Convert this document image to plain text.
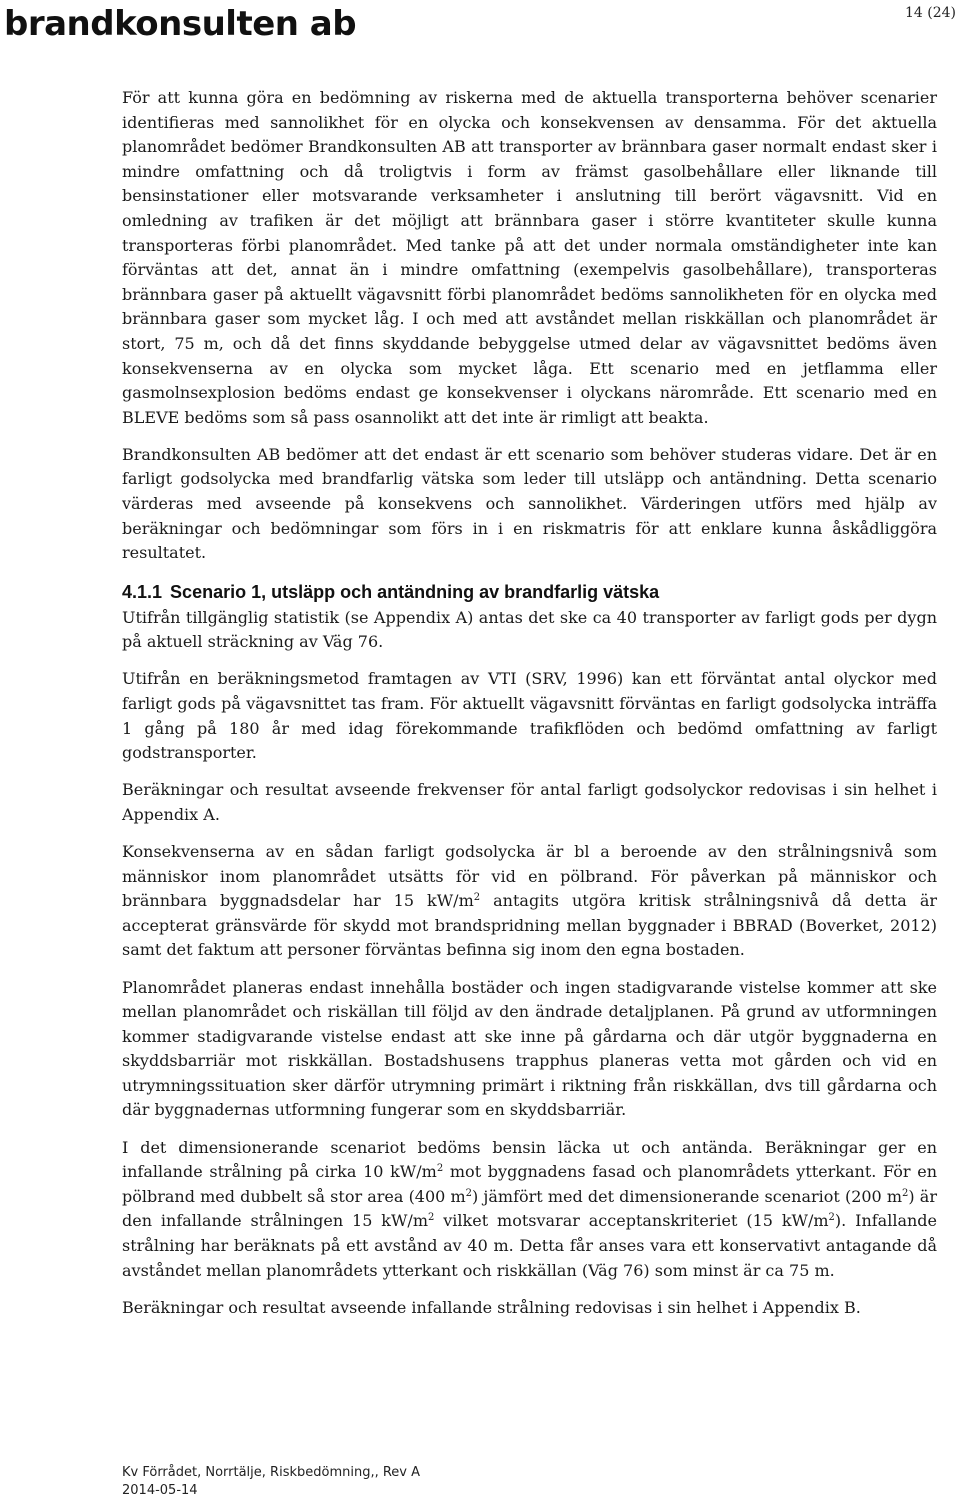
brandkonsulten ab	14 (24)

För att kunna göra en bedömning av riskerna med de aktuella transporterna behöver scenarier identifieras med sannolikhet för en olycka och konsekvensen av densamma. För det aktuella planområdet bedömer Brandkonsulten AB att transporter av brännbara gaser normalt endast sker i mindre omfattning och då troligtvis i form av främst gasolbehållare eller liknande till bensinstationer eller motsvarande verksamheter i anslutning till berört vägavsnitt. Vid en omledning av trafiken är det möjligt att brännbara gaser i större kvantiteter skulle kunna transporteras förbi planområdet. Med tanke på att det under normala omständigheter inte kan förväntas att det, annat än i mindre omfattning (exempelvis gasolbehållare), transporteras brännbara gaser på aktuellt vägavsnitt förbi planområdet bedöms sannolikheten för en olycka med brännbara gaser som mycket låg. I och med att avståndet mellan riskkällan och planområdet är stort, 75 m, och då det finns skyddande bebyggelse utmed delar av vägavsnittet bedöms även konsekvenserna av en olycka som mycket låga. Ett scenario med en jetflamma eller gasmolnsexplosion bedöms endast ge konsekvenser i olyckans närområde. Ett scenario med en BLEVE bedöms som så pass osannolikt att det inte är rimligt att beakta.

Brandkonsulten AB bedömer att det endast är ett scenario som behöver studeras vidare. Det är en farligt godsolycka med brandfarlig vätska som leder till utsläpp och antändning. Detta scenario värderas med avseende på konsekvens och sannolikhet. Värderingen utförs med hjälp av beräkningar och bedömningar som förs in i en riskmatris för att enklare kunna åskådliggöra resultatet.

4.1.1 Scenario 1, utsläpp och antändning av brandfarlig vätska

Utifrån tillgänglig statistik (se Appendix A) antas det ske ca 40 transporter av farligt gods per dygn på aktuell sträckning av Väg 76.

Utifrån en beräkningsmetod framtagen av VTI (SRV, 1996) kan ett förväntat antal olyckor med farligt gods på vägavsnittet tas fram. För aktuellt vägavsnitt förväntas en farligt godsolycka inträffa 1 gång på 180 år med idag förekommande trafikflöden och bedömd omfattning av farligt godstransporter.

Beräkningar och resultat avseende frekvenser för antal farligt godsolyckor redovisas i sin helhet i Appendix A.

Konsekvenserna av en sådan farligt godsolycka är bl a beroende av den strålningsnivå som människor inom planområdet utsätts för vid en pölbrand. För påverkan på människor och brännbara byggnadsdelar har 15 $kW/m^2$ antagits utgöra kritisk strålningsnivå då detta är accepterat gränsvärde för skydd mot brandspridning mellan byggnader i BBRAD (Boverket, 2012) samt det faktum att personer förväntas befinna sig inom den egna bostaden.

Planområdet planeras endast innehålla bostäder och ingen stadigvarande vistelse kommer att ske mellan planområdet och riskällan till följd av den ändrade detaljplanen. På grund av utformningen kommer stadigvarande vistelse endast att ske inne på gårdarna och där utgör byggnaderna en skyddsbarriär mot riskkällan. Bostadshusens trapphus planeras vetta mot gården och vid en utrymningssituation sker därför utrymning primärt i riktning från riskkällan, dvs till gårdarna och där byggnadernas utformning fungerar som en skyddsbarriär.

I det dimensionerande scenariot bedöms bensin läcka ut och antända. Beräkningar ger en infallande strålning på cirka 10 $kW/m^2$ mot byggnadens fasad och planområdets ytterkant. För en pölbrand med dubbelt så stor area (400 $m^2$) jämfört med det dimensionerande scenariot (200 $m^2$) är den infallande strålningen 15 $kW/m^2$ vilket motsvarar acceptanskriteriet (15 $kW/m^2$). Infallande strålning har beräknats på ett avstånd av 40 m. Detta får anses vara ett konservativt antagande då avståndet mellan planområdets ytterkant och riskkällan (Väg 76) som minst är ca 75 m.

Beräkningar och resultat avseende infallande strålning redovisas i sin helhet i Appendix B.

Kv Förrådet, Norrtälje, Riskbedömning,, Rev A
2014-05-14
